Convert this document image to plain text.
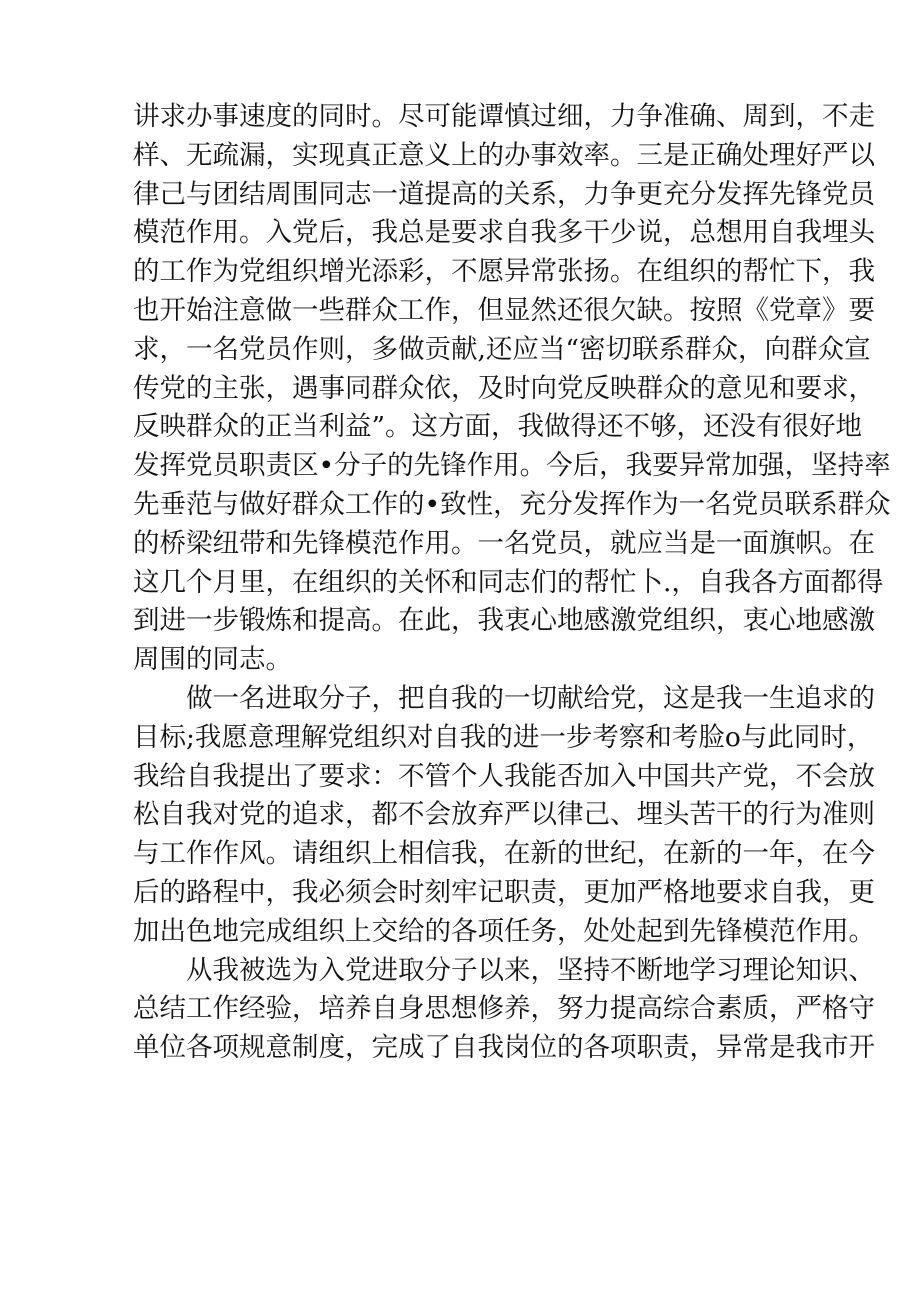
讲求办事速度的同时。尽可能谭慎过细，力争准确、周到，不走
样、无疏漏，实现真正意义上的办事效率。三是正确处理好严以
律己与团结周围同志一道提高的关系，力争更充分发挥先锋党员
模范作用。入党后，我总是要求自我多干少说，总想用自我埋头
的工作为党组织增光添彩，不愿异常张扬。在组织的帮忙下，我
也开始注意做一些群众工作，但显然还很欠缺。按照《党章》要
求，一名党员作则，多做贡献,还应当“密切联系群众，向群众宣
传党的主张，遇事同群众依，及时向党反映群众的意见和要求，
反映群众的正当利益”。这方面，我做得还不够，还没有很好地
发挥党员职责区•分子的先锋作用。今后，我要异常加强，坚持率
先垂范与做好群众工作的•致性，充分发挥作为一名党员联系群众
的桥梁纽带和先锋模范作用。一名党员，就应当是一面旗帜。在
这几个月里，在组织的关怀和同志们的帮忙卜.，自我各方面都得
到进一步锻炼和提高。在此，我衷心地感激党组织，衷心地感激
周围的同志。
做一名进取分子，把自我的一切献给党，这是我一生追求的
目标;我愿意理解党组织对自我的进一步考察和考脸o与此同时，
我给自我提出了要求：不管个人我能否加入中国共产党，不会放
松自我对党的追求，都不会放弃严以律己、埋头苦干的行为准则
与工作作风。请组织上相信我，在新的世纪，在新的一年，在今
后的路程中，我必须会时刻牢记职责，更加严格地要求自我，更
加出色地完成组织上交给的各项任务，处处起到先锋模范作用。
从我被选为入党进取分子以来，坚持不断地学习理论知识、
总结工作经验，培养自身思想修养，努力提高综合素质，严格守
单位各项规意制度，完成了自我岗位的各项职责，异常是我市开
